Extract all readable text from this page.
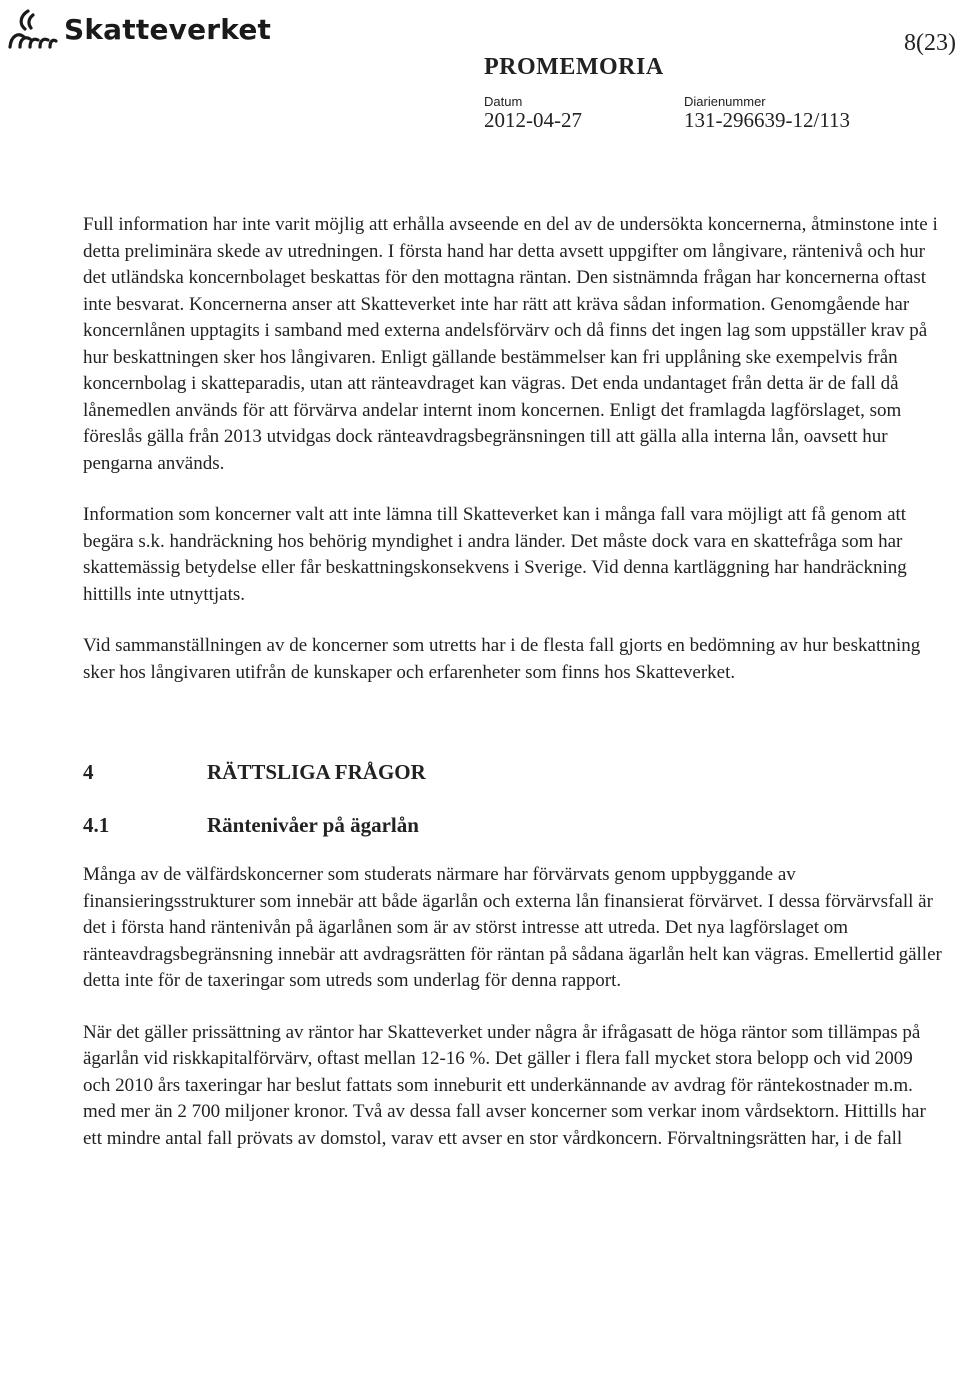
Skatteverket	8(23)
PROMEMORIA
Datum	Diarienummer
2012-04-27	131-296639-12/113

Full information har inte varit möjlig att erhålla avseende en del av de undersökta koncernerna, åtminstone inte i detta preliminära skede av utredningen. I första hand har detta avsett uppgifter om långivare, räntenivå och hur det utländska koncernbolaget beskattas för den mottagna räntan. Den sistnämnda frågan har koncernerna oftast inte besvarat. Koncernerna anser att Skatteverket inte har rätt att kräva sådan information. Genomgående har koncernlånen upptagits i samband med externa andelsförvärv och då finns det ingen lag som uppställer krav på hur beskattningen sker hos långivaren. Enligt gällande bestämmelser kan fri upplåning ske exempelvis från koncernbolag i skatteparadis, utan att ränteavdraget kan vägras. Det enda undantaget från detta är de fall då lånemedlen används för att förvärva andelar internt inom koncernen. Enligt det framlagda lagförslaget, som föreslås gälla från 2013 utvidgas dock ränteavdragsbegränsningen till att gälla alla interna lån, oavsett hur pengarna används.

Information som koncerner valt att inte lämna till Skatteverket kan i många fall vara möjligt att få genom att begära s.k. handräckning hos behörig myndighet i andra länder. Det måste dock vara en skattefråga som har skattemässig betydelse eller får beskattningskonsekvens i Sverige. Vid denna kartläggning har handräckning hittills inte utnyttjats.

Vid sammanställningen av de koncerner som utretts har i de flesta fall gjorts en bedömning av hur beskattning sker hos långivaren utifrån de kunskaper och erfarenheter som finns hos Skatteverket.

4	RÄTTSLIGA FRÅGOR
4.1	Räntenivåer på ägarlån

Många av de välfärdskoncerner som studerats närmare har förvärvats genom uppbyggande av finansieringsstrukturer som innebär att både ägarlån och externa lån finansierat förvärvet. I dessa förvärvsfall är det i första hand räntenivån på ägarlånen som är av störst intresse att utreda. Det nya lagförslaget om ränteavdragsbegränsning innebär att avdragsrätten för räntan på sådana ägarlån helt kan vägras. Emellertid gäller detta inte för de taxeringar som utreds som underlag för denna rapport.

När det gäller prissättning av räntor har Skatteverket under några år ifrågasatt de höga räntor som tillämpas på ägarlån vid riskkapitalförvärv, oftast mellan 12-16 %. Det gäller i flera fall mycket stora belopp och vid 2009 och 2010 års taxeringar har beslut fattats som inneburit ett underkännande av avdrag för räntekostnader m.m. med mer än 2 700 miljoner kronor. Två av dessa fall avser koncerner som verkar inom vårdsektorn. Hittills har ett mindre antal fall prövats av domstol, varav ett avser en stor vårdkoncern. Förvaltningsrätten har, i de fall
